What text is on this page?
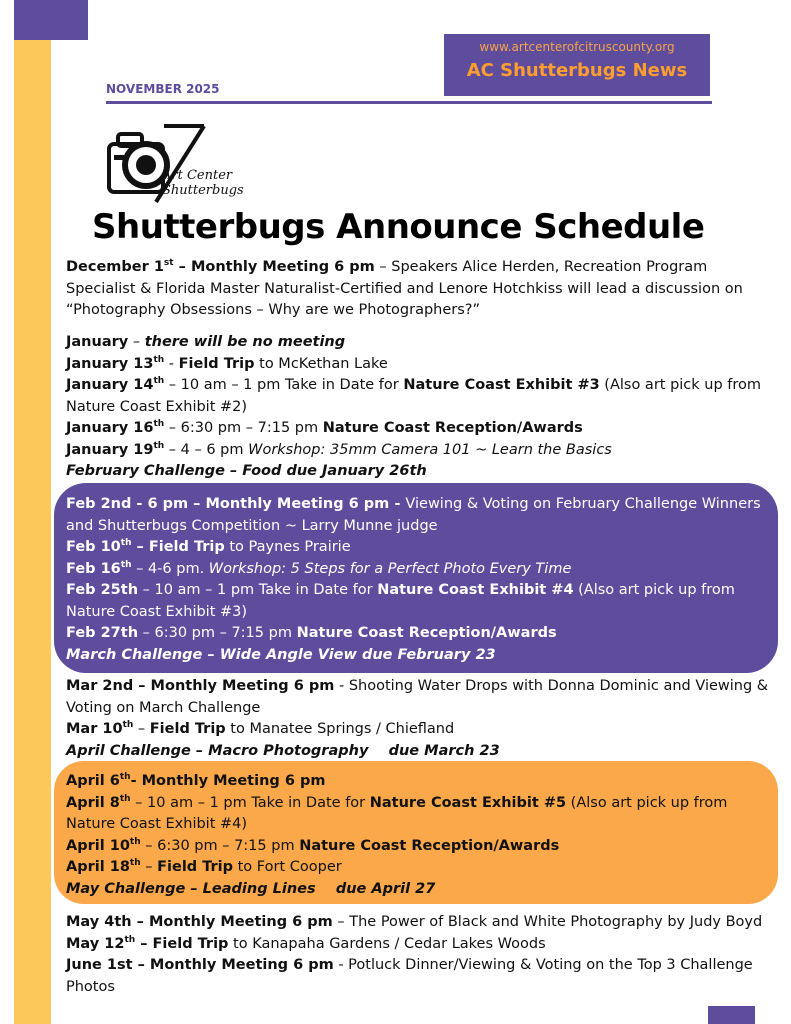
www.artcenterofcitruscounty.org
AC Shutterbugs News
NOVEMBER 2025
Art Center
Shutterbugs
Shutterbugs Announce Schedule

December 1st – Monthly Meeting 6 pm – Speakers Alice Herden, Recreation Program Specialist & Florida Master Naturalist-Certified and Lenore Hotchkiss will lead a discussion on “Photography Obsessions – Why are we Photographers?”

January – there will be no meeting

January 13th - Field Trip to McKethan Lake

January 14th – 10 am – 1 pm Take in Date for Nature Coast Exhibit #3 (Also art pick up from Nature Coast Exhibit #2)

January 16th – 6:30 pm – 7:15 pm Nature Coast Reception/Awards

January 19th – 4 – 6 pm Workshop: 35mm Camera 101 ~ Learn the Basics

February Challenge – Food due January 26th

Feb 2nd - 6 pm – Monthly Meeting 6 pm - Viewing & Voting on February Challenge Winners and Shutterbugs Competition ~ Larry Munne judge

Feb 10th – Field Trip to Paynes Prairie

Feb 16th – 4-6 pm. Workshop: 5 Steps for a Perfect Photo Every Time

Feb 25th – 10 am – 1 pm Take in Date for Nature Coast Exhibit #4 (Also art pick up from Nature Coast Exhibit #3)

Feb 27th – 6:30 pm – 7:15 pm Nature Coast Reception/Awards

March Challenge – Wide Angle View due February 23

Mar 2nd – Monthly Meeting 6 pm - Shooting Water Drops with Donna Dominic and Viewing & Voting on March Challenge

Mar 10th – Field Trip to Manatee Springs / Chiefland

April Challenge – Macro Photography    due March 23

April 6th- Monthly Meeting 6 pm

April 8th – 10 am – 1 pm Take in Date for Nature Coast Exhibit #5 (Also art pick up from Nature Coast Exhibit #4)

April 10th – 6:30 pm – 7:15 pm Nature Coast Reception/Awards

April 18th – Field Trip to Fort Cooper

May Challenge – Leading Lines    due April 27

May 4th – Monthly Meeting 6 pm – The Power of Black and White Photography by Judy Boyd

May 12th – Field Trip to Kanapaha Gardens / Cedar Lakes Woods

June 1st – Monthly Meeting 6 pm - Potluck Dinner/Viewing & Voting on the Top 3 Challenge Photos
